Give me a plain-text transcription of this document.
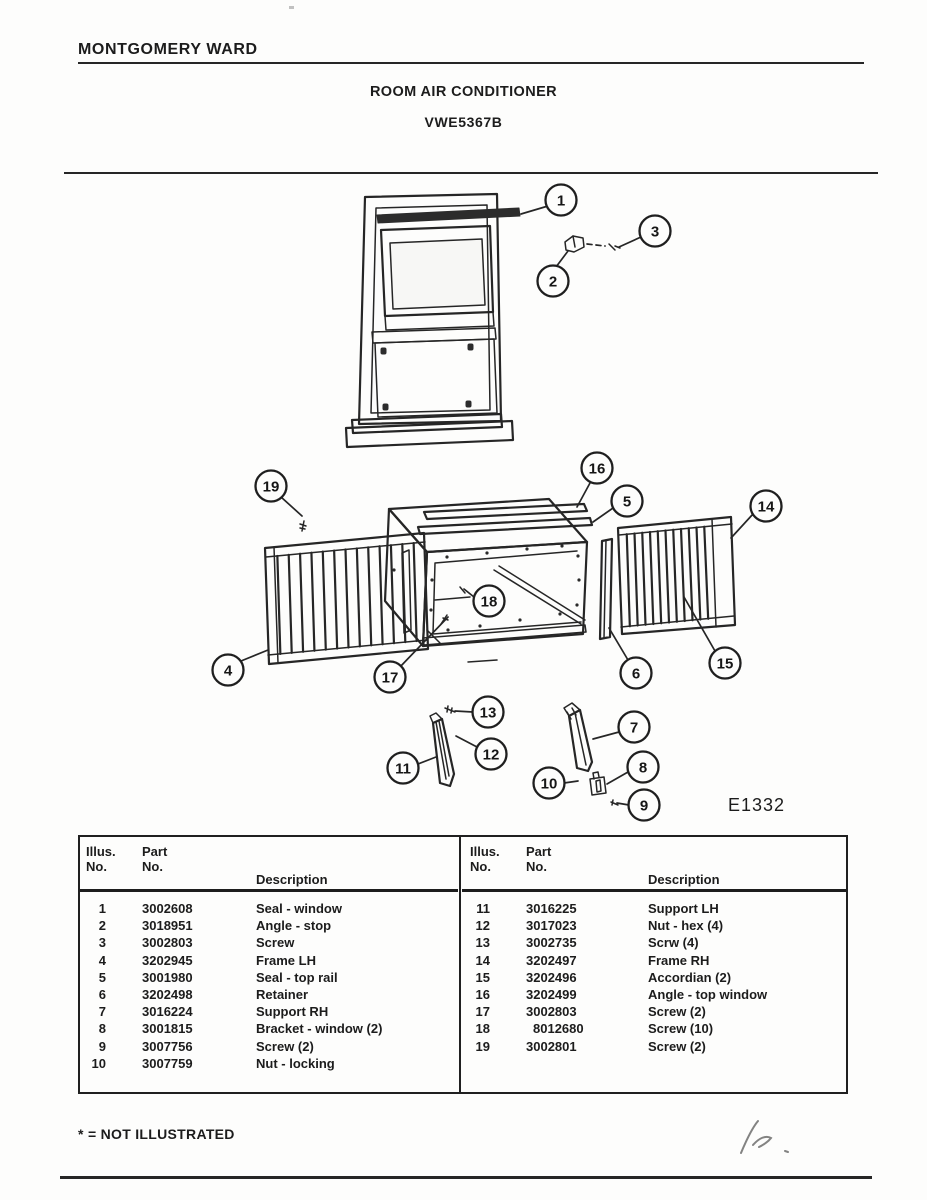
MONTGOMERY WARD
ROOM AIR CONDITIONER
VWE5367B
1
2
3
4
5
6
7
8
9
10
11
12
13
14
15
16
17
18
19
E1332
Illus.
No.
Part
No.
Description
1	3002608	Seal - window
2	3018951	Angle - stop
3	3002803	Screw
4	3202945	Frame LH
5	3001980	Seal - top rail
6	3202498	Retainer
7	3016224	Support RH
8	3001815	Bracket - window (2)
9	3007756	Screw (2)
10	3007759	Nut - locking
Illus.
No.
Part
No.
Description
11	3016225	Support LH
12	3017023	Nut - hex (4)
13	3002735	Scrw (4)
14	3202497	Frame RH
15	3202496	Accordian (2)
16	3202499	Angle - top window
17	3002803	Screw (2)
18	8012680	Screw (10)
19	3002801	Screw (2)
* = NOT ILLUSTRATED
